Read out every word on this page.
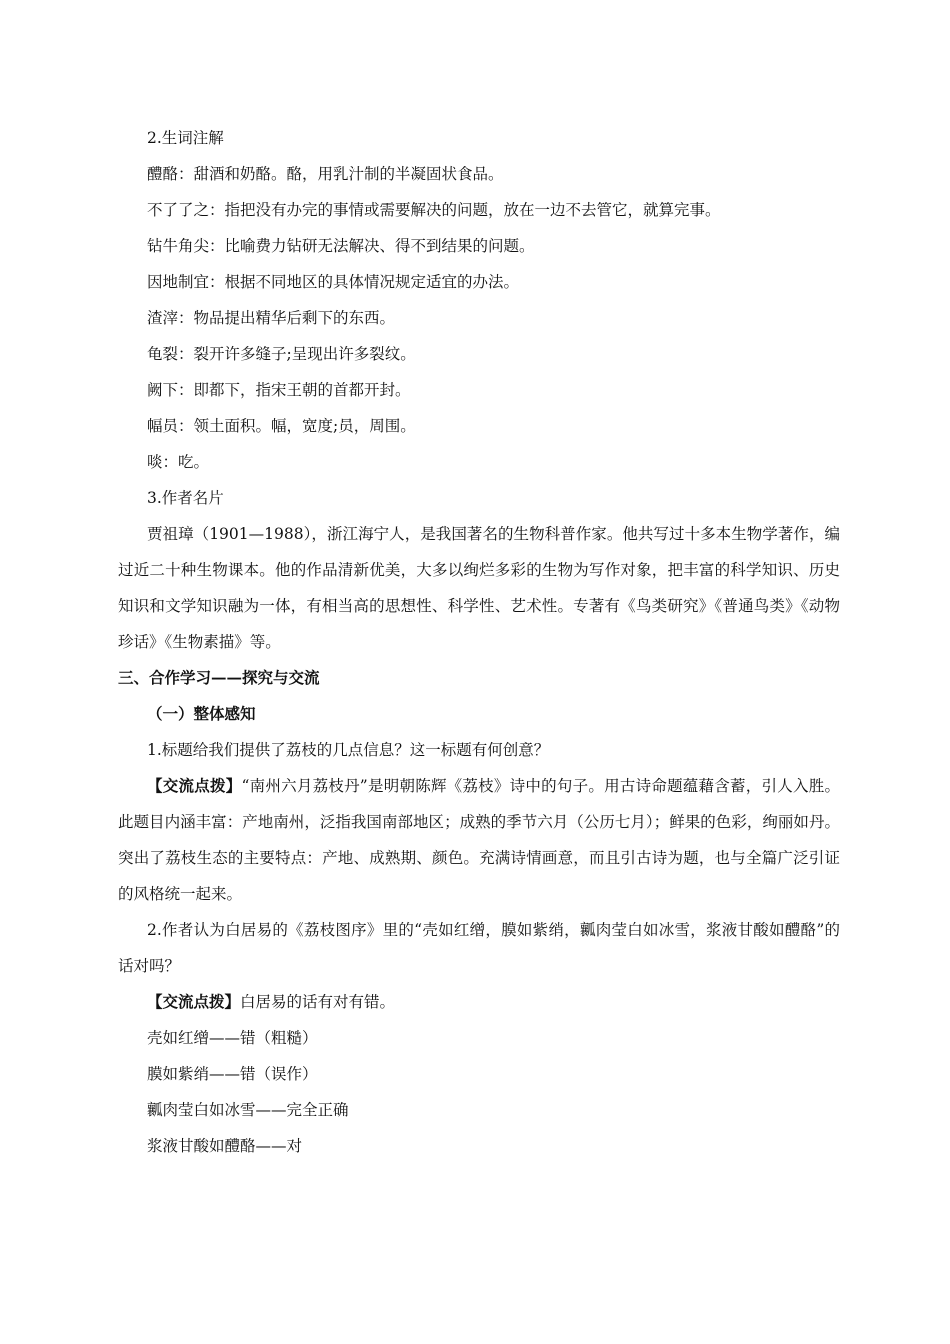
2.生词注解
醴酪：甜酒和奶酪。酪，用乳汁制的半凝固状食品。
不了了之：指把没有办完的事情或需要解决的问题，放在一边不去管它，就算完事。
钻牛角尖：比喻费力钻研无法解决、得不到结果的问题。
因地制宜：根据不同地区的具体情况规定适宜的办法。
渣滓：物品提出精华后剩下的东西。
龟裂：裂开许多缝子;呈现出许多裂纹。
阙下：即都下，指宋王朝的首都开封。
幅员：领土面积。幅，宽度;员，周围。
啖：吃。
3.作者名片

贾祖璋（1901—1988），浙江海宁人，是我国著名的生物科普作家。他共写过十多本生物学著作，编过近二十种生物课本。他的作品清新优美，大多以绚烂多彩的生物为写作对象，把丰富的科学知识、历史知识和文学知识融为一体，有相当高的思想性、科学性、艺术性。专著有《鸟类研究》《普通鸟类》《动物珍话》《生物素描》等。

三、合作学习——探究与交流
（一）整体感知
1.标题给我们提供了荔枝的几点信息？这一标题有何创意？

【交流点拨】“南州六月荔枝丹”是明朝陈辉《荔枝》诗中的句子。用古诗命题蕴藉含蓄，引人入胜。此题目内涵丰富：产地南州，泛指我国南部地区；成熟的季节六月（公历七月）；鲜果的色彩，绚丽如丹。突出了荔枝生态的主要特点：产地、成熟期、颜色。充满诗情画意，而且引古诗为题，也与全篇广泛引证的风格统一起来。

2.作者认为白居易的《荔枝图序》里的“壳如红缯，膜如紫绡，瓤肉莹白如冰雪，浆液甘酸如醴酪”的话对吗？

【交流点拨】白居易的话有对有错。
壳如红缯——错（粗糙）
膜如紫绡——错（误作）
瓤肉莹白如冰雪——完全正确
浆液甘酸如醴酪——对
